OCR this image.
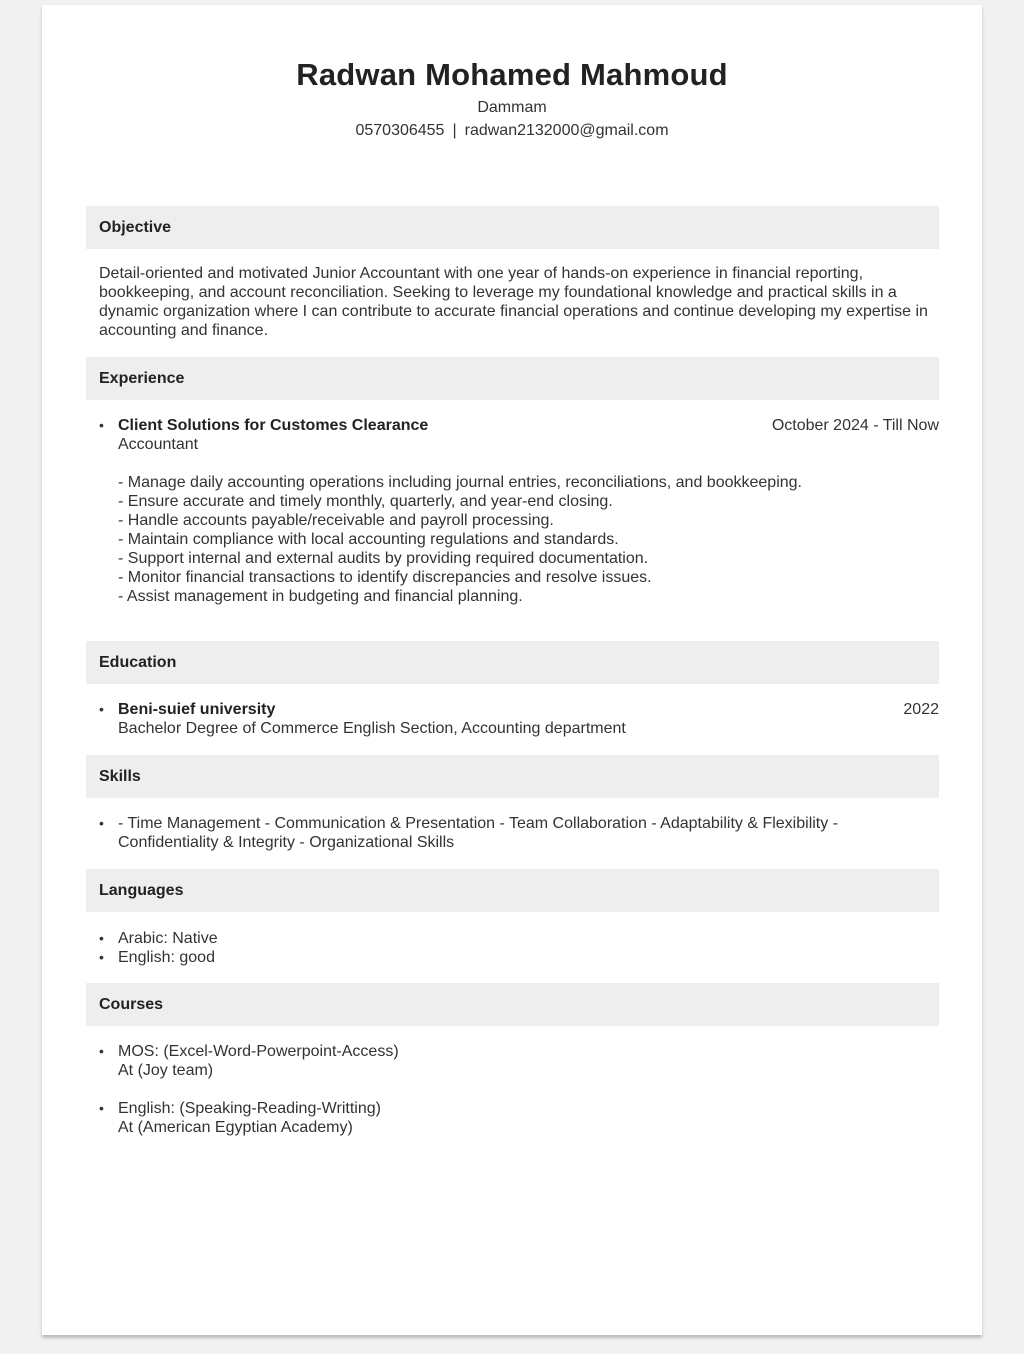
Radwan Mohamed Mahmoud
Dammam
0570306455 | radwan2132000@gmail.com
Objective
Detail-oriented and motivated Junior Accountant with one year of hands-on experience in financial reporting, bookkeeping, and account reconciliation. Seeking to leverage my foundational knowledge and practical skills in a dynamic organization where I can contribute to accurate financial operations and continue developing my expertise in accounting and finance.
Experience
• Client Solutions for Customes Clearance	October 2024 - Till Now
Accountant

- Manage daily accounting operations including journal entries, reconciliations, and bookkeeping.

- Ensure accurate and timely monthly, quarterly, and year-end closing.

- Handle accounts payable/receivable and payroll processing.

- Maintain compliance with local accounting regulations and standards.

- Support internal and external audits by providing required documentation.

- Monitor financial transactions to identify discrepancies and resolve issues.

- Assist management in budgeting and financial planning.

Education
• Beni-suief university	2022
Bachelor Degree of Commerce English Section, Accounting department
Skills
• - Time Management - Communication & Presentation - Team Collaboration - Adaptability & Flexibility - Confidentiality & Integrity - Organizational Skills
Languages
• Arabic: Native
• English: good
Courses
• MOS: (Excel-Word-Powerpoint-Access)
At (Joy team)
• English: (Speaking-Reading-Writting)
At (American Egyptian Academy)
